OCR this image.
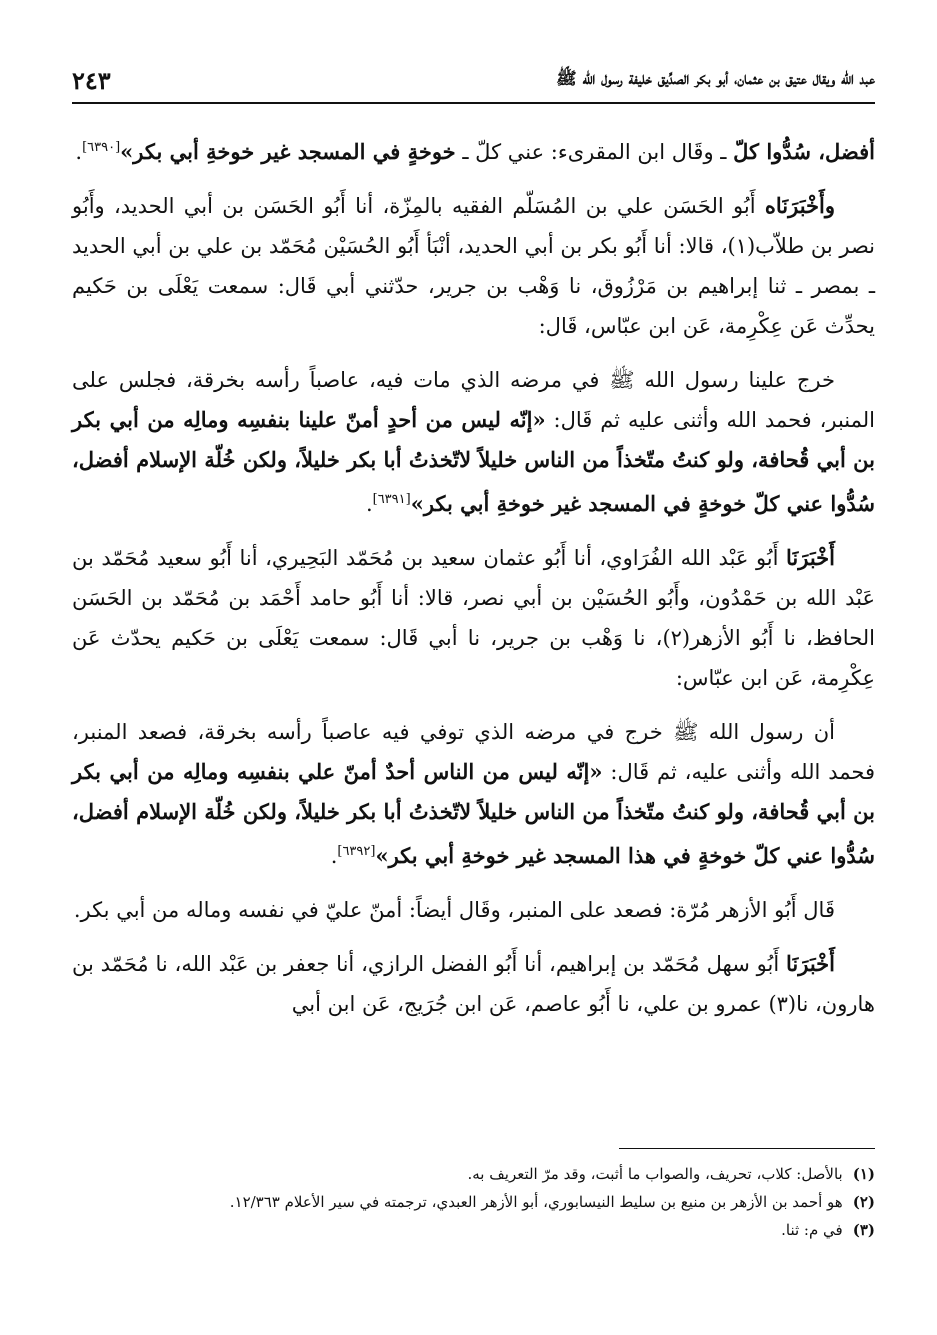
عبد الله ويقال عتيق بن عثمان، أبو بكر الصدِّيق خليفة رسول الله ﷺ
٢٤٣

أفضل، سُدُّوا كلّ ـ وقَال ابن المقرىء: عني كلّ ـ خوخةٍ في المسجد غير خوخةِ أبي بكر»[٦٣٩٠].

وأَخْبَرَنَاه أَبُو الحَسَن علي بن المُسَلّم الفقيه بالمِزّة، أنا أَبُو الحَسَن بن أبي الحديد، وأَبُو نصر بن طلاّب(١)، قالا: أنا أَبُو بكر بن أبي الحديد، أنْبَأ أَبُو الحُسَيْن مُحَمّد بن علي بن أبي الحديد ـ بمصر ـ ثنا إبراهيم بن مَرْزُوق، نا وَهْب بن جرير، حدّثني أبي قَال: سمعت يَعْلَى بن حَكيم يحدِّث عَن عِكْرِمة، عَن ابن عبّاس، قَال:

خرج علينا رسول الله ﷺ في مرضه الذي مات فيه، عاصباً رأسه بخرقة، فجلس على المنبر، فحمد الله وأثنى عليه ثم قَال: «إنّه ليس من أحدٍ أمنّ علينا بنفسِه ومالِه من أبي بكر بن أبي قُحافة، ولو كنتُ متّخذاً من الناس خليلاً لاتّخذتُ أبا بكر خليلاً، ولكن خُلّة الإسلام أفضل، سُدُّوا عني كلّ خوخةٍ في المسجد غير خوخةِ أبي بكر»[٦٣٩١].

أَخْبَرَنَا أَبُو عَبْد الله الفُرَاوي، أنا أَبُو عثمان سعيد بن مُحَمّد البَحِيري، أنا أَبُو سعيد مُحَمّد بن عَبْد الله بن حَمْدُون، وأَبُو الحُسَيْن بن أبي نصر، قالا: أنا أَبُو حامد أَحْمَد بن مُحَمّد بن الحَسَن الحافظ، نا أَبُو الأزهر(٢)، نا وَهْب بن جرير، نا أبي قَال: سمعت يَعْلَى بن حَكيم يحدّث عَن عِكْرِمة، عَن ابن عبّاس:

أن رسول الله ﷺ خرج في مرضه الذي توفي فيه عاصباً رأسه بخرقة، فصعد المنبر، فحمد الله وأثنى عليه، ثم قَال: «إنّه ليس من الناس أحدٌ أمنّ علي بنفسِه ومالِه من أبي بكر بن أبي قُحافة، ولو كنتُ متّخذاً من الناس خليلاً لاتّخذتُ أبا بكر خليلاً، ولكن خُلّة الإسلام أفضل، سُدُّوا عني كلّ خوخةٍ في هذا المسجد غير خوخةِ أبي بكر»[٦٣٩٢].

قَال أَبُو الأزهر مُرّة: فصعد على المنبر، وقَال أيضاً: أمنّ عليّ في نفسه وماله من أبي بكر.

أَخْبَرَنَا أَبُو سهل مُحَمّد بن إبراهيم، أنا أَبُو الفضل الرازي، أنا جعفر بن عَبْد الله، نا مُحَمّد بن هارون، نا(٣) عمرو بن علي، نا أَبُو عاصم، عَن ابن جُرَيج، عَن ابن أبي

(١)
بالأصل: كلاب، تحريف، والصواب ما أثبت، وقد مرّ التعريف به.

(٢)
هو أحمد بن الأزهر بن منيع بن سليط النيسابوري، أبو الأزهر العبدي، ترجمته في سير الأعلام ١٢/٣٦٣.

(٣)
في م: ثنا.
